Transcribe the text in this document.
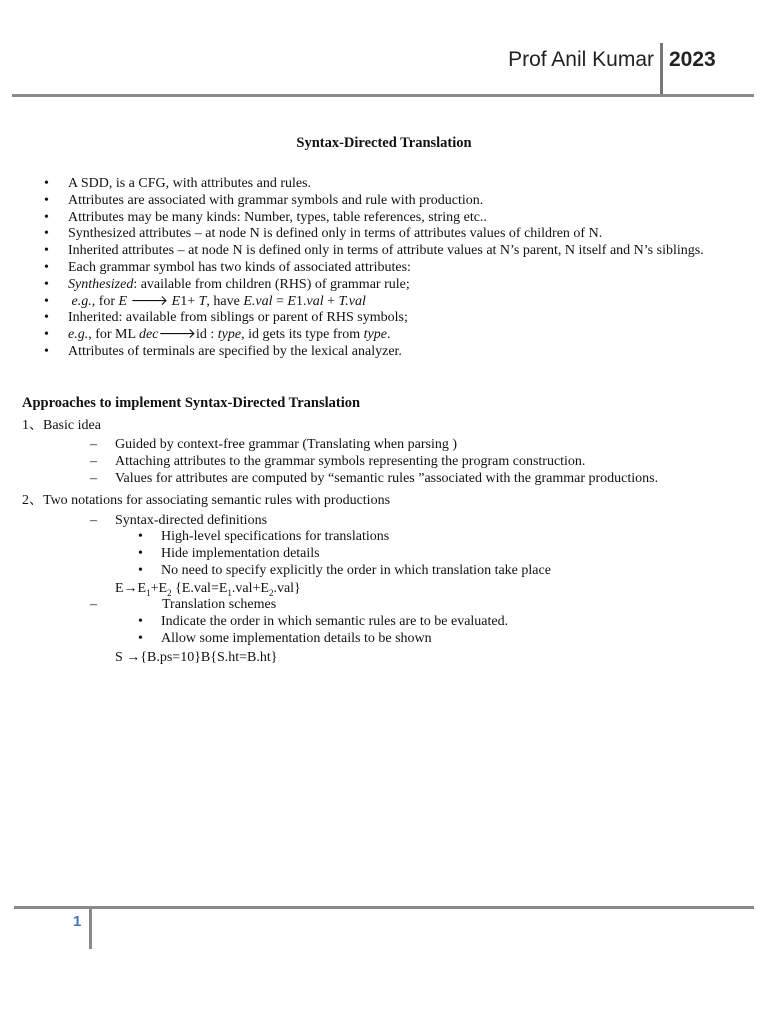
Prof Anil Kumar 2023
Syntax-Directed Translation
• A SDD, is a CFG, with attributes and rules.
• Attributes are associated with grammar symbols and rule with production.
• Attributes may be many kinds: Number, types, table references, string etc..
• Synthesized attributes – at node N is defined only in terms of attributes values of children of N.
• Inherited attributes – at node N is defined only in terms of attribute values at N’s parent, N itself and N’s siblings.
• Each grammar symbol has two kinds of associated attributes:
• Synthesized: available from children (RHS) of grammar rule;
• e.g., for E 🡒 E1+ T, have E.val = E1.val + T.val
• Inherited: available from siblings or parent of RHS symbols;
• e.g., for ML dec🡒id : type, id gets its type from type.
• Attributes of terminals are specified by the lexical analyzer.
Approaches to implement Syntax-Directed Translation
1、Basic idea
– Guided by context-free grammar (Translating when parsing )
– Attaching attributes to the grammar symbols representing the program construction.
– Values for attributes are computed by “semantic rules ”associated with the grammar productions.
2、Two notations for associating semantic rules with productions
– Syntax-directed definitions
• High-level specifications for translations
• Hide implementation details
• No need to specify explicitly the order in which translation take place
$E\to E_1+E_2$ $\{E.val=E_1.val+E_2.val\}$
–	Translation schemes
• Indicate the order in which semantic rules are to be evaluated.
• Allow some implementation details to be shown
S →{B.ps=10}B{S.ht=B.ht}
1
